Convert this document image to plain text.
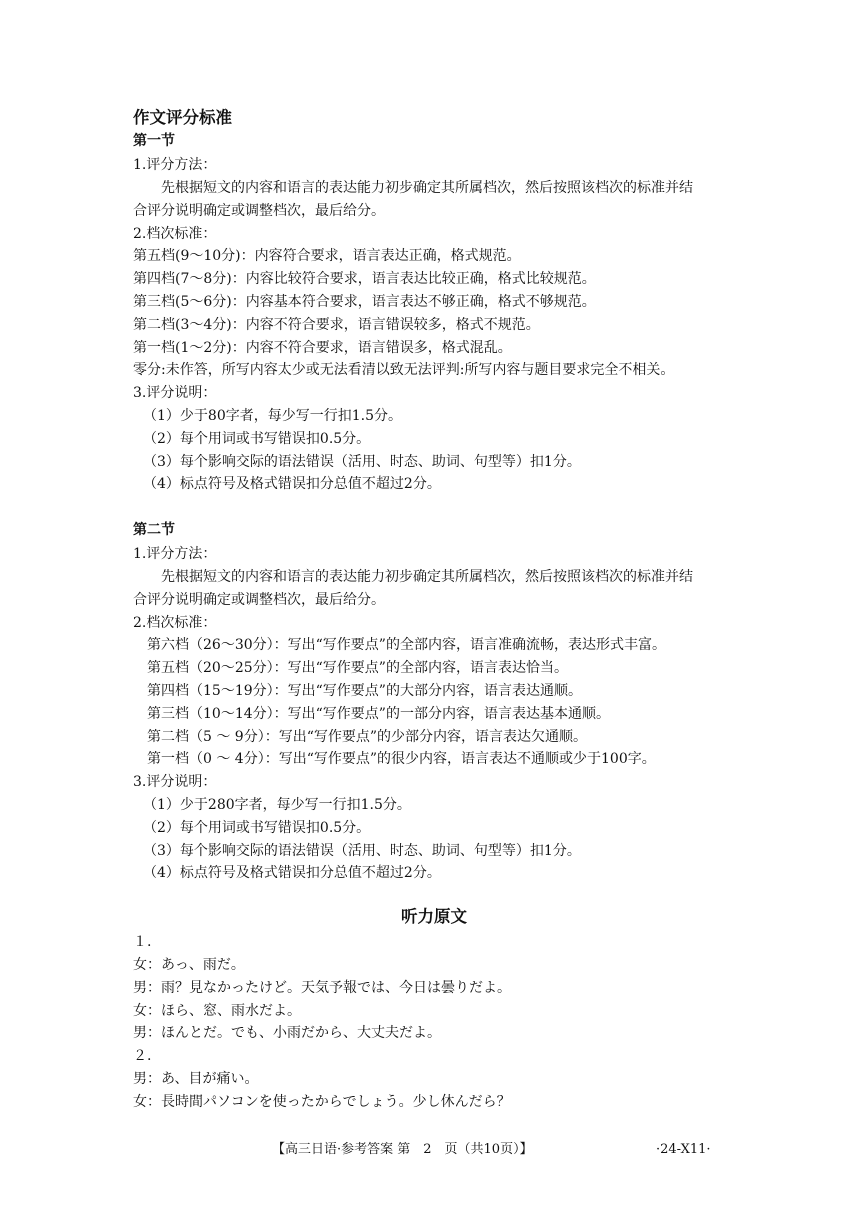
作文评分标准
第一节
1.评分方法：
先根据短文的内容和语言的表达能力初步确定其所属档次，然后按照该档次的标准并结
合评分说明确定或调整档次，最后给分。
2.档次标准：
第五档(9～10分)：内容符合要求，语言表达正确，格式规范。
第四档(7～8分)：内容比较符合要求，语言表达比较正确，格式比较规范。
第三档(5～6分)：内容基本符合要求，语言表达不够正确，格式不够规范。
第二档(3～4分)：内容不符合要求，语言错误较多，格式不规范。
第一档(1～2分)：内容不符合要求，语言错误多，格式混乱。
零分:未作答，所写内容太少或无法看清以致无法评判:所写内容与题目要求完全不相关。
3.评分说明：
（1）少于80字者，每少写一行扣1.5分。
（2）每个用词或书写错误扣0.5分。
（3）每个影响交际的语法错误（活用、时态、助词、句型等）扣1分。
（4）标点符号及格式错误扣分总值不超过2分。
第二节
1.评分方法：
先根据短文的内容和语言的表达能力初步确定其所属档次，然后按照该档次的标准并结
合评分说明确定或调整档次，最后给分。
2.档次标准：
第六档（26～30分）：写出“写作要点”的全部内容，语言准确流畅，表达形式丰富。
第五档（20～25分）：写出“写作要点”的全部内容，语言表达恰当。
第四档（15～19分）：写出“写作要点”的大部分内容，语言表达通顺。
第三档（10～14分）：写出“写作要点”的一部分内容，语言表达基本通顺。
第二档（5 ～ 9分）：写出“写作要点”的少部分内容，语言表达欠通顺。
第一档（0 ～ 4分）：写出“写作要点”的很少内容，语言表达不通顺或少于100字。
3.评分说明：
（1）少于280字者，每少写一行扣1.5分。
（2）每个用词或书写错误扣0.5分。
（3）每个影响交际的语法错误（活用、时态、助词、句型等）扣1分。
（4）标点符号及格式错误扣分总值不超过2分。
听力原文
１.
女：あっ、雨だ。
男：雨？見なかったけど。天気予報では、今日は曇りだよ。
女：ほら、窓、雨水だよ。
男：ほんとだ。でも、小雨だから、大丈夫だよ。
２.
男：あ、目が痛い。
女：長時間パソコンを使ったからでしょう。少し休んだら？
【高三日语·参考答案 第　2　页（共10页）】	·24-X11·
